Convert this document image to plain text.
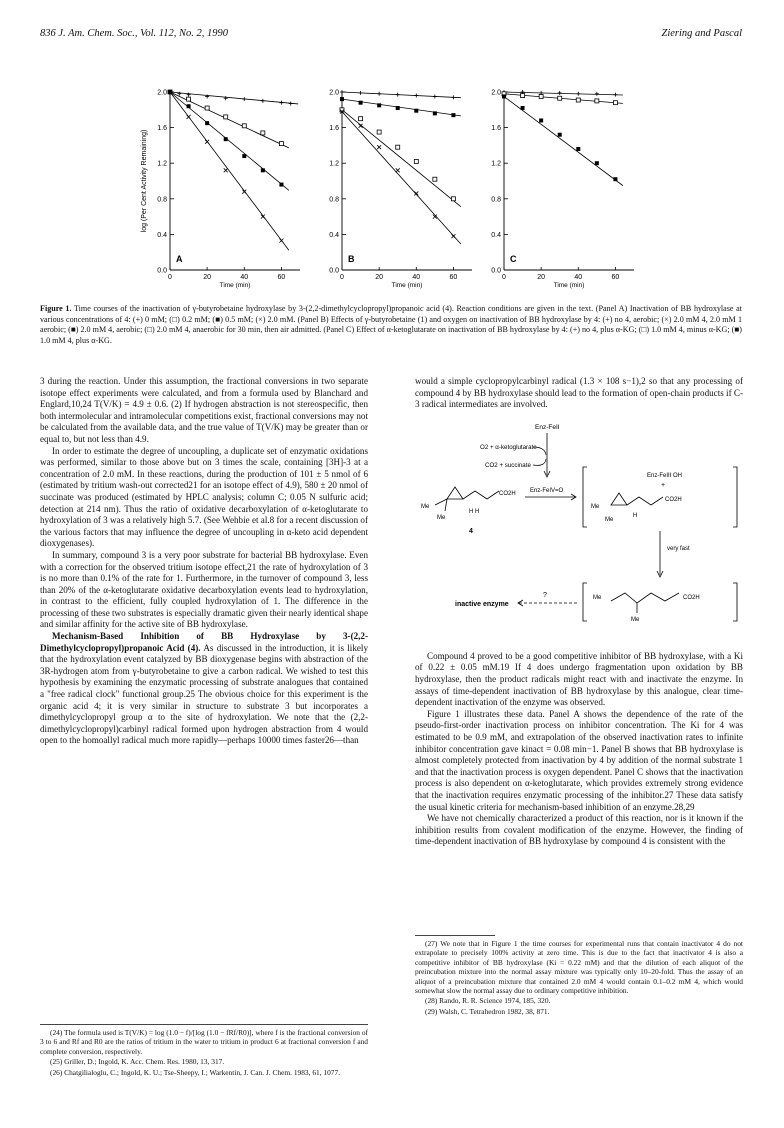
836 J. Am. Chem. Soc., Vol. 112, No. 2, 1990	Ziering and Pascal
0.0
0.4
0.8
1.2
1.6
2.0
0	20	40	60
Time (min)
log (Per Cent Activity Remaining)
A
0.0
0.4
0.8
1.2
1.6
2.0
0	20	40	60
Time (min)
B
0.0
0.4
0.8
1.2
1.6
2.0
0	20	40	60
Time (min)
C
Figure 1. Time courses of the inactivation of γ-butyrobetaine hydroxylase by 3-(2,2-dimethylcyclopropyl)propanoic acid (4). Reaction conditions are given in the text. (Panel A) Inactivation of BB hydroxylase at various concentrations of 4: (+) 0 mM; (□) 0.2 mM; (■) 0.5 mM; (×) 2.0 mM. (Panel B) Effects of γ-butyrobetaine (1) and oxygen on inactivation of BB hydroxylase by 4: (+) no 4, aerobic; (×) 2.0 mM 4, 2.0 mM 1 aerobic; (■) 2.0 mM 4, aerobic; (□) 2.0 mM 4, anaerobic for 30 min, then air admitted. (Panel C) Effect of α-ketoglutarate on inactivation of BB hydroxylase by 4: (+) no 4, plus α-KG; (□) 1.0 mM 4, minus α-KG; (■) 1.0 mM 4, plus α-KG.

3 during the reaction. Under this assumption, the fractional conversions in two separate isotope effect experiments were calculated, and from a formula used by Blanchard and Englard,10,24 T(V/K) = 4.9 ± 0.6. (2) If hydrogen abstraction is not stereospecific, then both intermolecular and intramolecular competitions exist, fractional conversions may not be calculated from the available data, and the true value of T(V/K) may be greater than or equal to, but not less than 4.9.

In order to estimate the degree of uncoupling, a duplicate set of enzymatic oxidations was performed, similar to those above but on 3 times the scale, containing [3H]-3 at a concentration of 2.0 mM. In these reactions, during the production of 101 ± 5 nmol of 6 (estimated by tritium wash-out corrected21 for an isotope effect of 4.9), 580 ± 20 nmol of succinate was produced (estimated by HPLC analysis; column C; 0.05 N sulfuric acid; detection at 214 nm). Thus the ratio of oxidative decarboxylation of α-ketoglutarate to hydroxylation of 3 was a relatively high 5.7. (See Wehbie et al.8 for a recent discussion of the various factors that may influence the degree of uncoupling in α-keto acid dependent dioxygenases).

In summary, compound 3 is a very poor substrate for bacterial BB hydroxylase. Even with a correction for the observed tritium isotope effect,21 the rate of hydroxylation of 3 is no more than 0.1% of the rate for 1. Furthermore, in the turnover of compound 3, less than 20% of the α-ketoglutarate oxidative decarboxylation events lead to hydroxylation, in contrast to the efficient, fully coupled hydroxylation of 1. The difference in the processing of these two substrates is especially dramatic given their nearly identical shape and similar affinity for the active site of BB hydroxylase.

Mechanism-Based Inhibition of BB Hydroxylase by 3-(2,2-Dimethylcyclopropyl)propanoic Acid (4). As discussed in the introduction, it is likely that the hydroxylation event catalyzed by BB dioxygenase begins with abstraction of the 3R-hydrogen atom from γ-butyrobetaine to give a carbon radical. We wished to test this hypothesis by examining the enzymatic processing of substrate analogues that contained a "free radical clock" functional group.25 The obvious choice for this experiment is the organic acid 4; it is very similar in structure to substrate 3 but incorporates a dimethylcyclopropyl group α to the site of hydroxylation. We note that the (2,2-dimethylcyclopropyl)carbinyl radical formed upon hydrogen abstraction from 4 would open to the homoallyl radical much more rapidly—perhaps 10000 times faster26—than

would a simple cyclopropylcarbinyl radical (1.3 × 108 s−1),2 so that any processing of compound 4 by BB hydroxylase should lead to the formation of open-chain products if C-3 radical intermediates are involved.

Enz-FeII
O2 + α-ketoglutarate
CO2 + succinate
Me
Me
H H
CO2H
4
Enz-FeIV=O
Enz-FeIII OH
+
Me
Me
H
CO2H
very fast
Me
Me
CO2H
?
inactive enzyme

Compound 4 proved to be a good competitive inhibitor of BB hydroxylase, with a Ki of 0.22 ± 0.05 mM.19 If 4 does undergo fragmentation upon oxidation by BB hydroxylase, then the product radicals might react with and inactivate the enzyme. In assays of time-dependent inactivation of BB hydroxylase by this analogue, clear time-dependent inactivation of the enzyme was observed.

Figure 1 illustrates these data. Panel A shows the dependence of the rate of the pseudo-first-order inactivation process on inhibitor concentration. The Ki for 4 was estimated to be 0.9 mM, and extrapolation of the observed inactivation rates to infinite inhibitor concentration gave kinact = 0.08 min−1. Panel B shows that BB hydroxylase is almost completely protected from inactivation by 4 by addition of the normal substrate 1 and that the inactivation process is oxygen dependent. Panel C shows that the inactivation process is also dependent on α-ketoglutarate, which provides extremely strong evidence that the inactivation requires enzymatic processing of the inhibitor.27 These data satisfy the usual kinetic criteria for mechanism-based inhibition of an enzyme.28,29

We have not chemically characterized a product of this reaction, nor is it known if the inhibition results from covalent modification of the enzyme. However, the finding of time-dependent inactivation of BB hydroxylase by compound 4 is consistent with the

(24) The formula used is T(V/K) = log (1.0 − f)/[log (1.0 − fRf/R0)], where f is the fractional conversion of 3 to 6 and Rf and R0 are the ratios of tritium in the water to tritium in product 6 at fractional conversion f and complete conversion, respectively.

(25) Griller, D.; Ingold, K. Acc. Chem. Res. 1980, 13, 317.

(26) Chatgilialoglu, C.; Ingold, K. U.; Tse-Sheepy, I.; Warkentin, J. Can. J. Chem. 1983, 61, 1077.

(27) We note that in Figure 1 the time courses for experimental runs that contain inactivator 4 do not extrapolate to precisely 100% activity at zero time. This is due to the fact that inactivator 4 is also a competitive inhibitor of BB hydroxylase (Ki = 0.22 mM) and that the dilution of each aliquot of the preincubation mixture into the normal assay mixture was typically only 10–20-fold. Thus the assay of an aliquot of a preincubation mixture that contained 2.0 mM 4 would contain 0.1–0.2 mM 4, which would somewhat slow the normal assay due to ordinary competitive inhibition.

(28) Rando, R. R. Science 1974, 185, 320.

(29) Walsh, C. Tetrahedron 1982, 38, 871.
